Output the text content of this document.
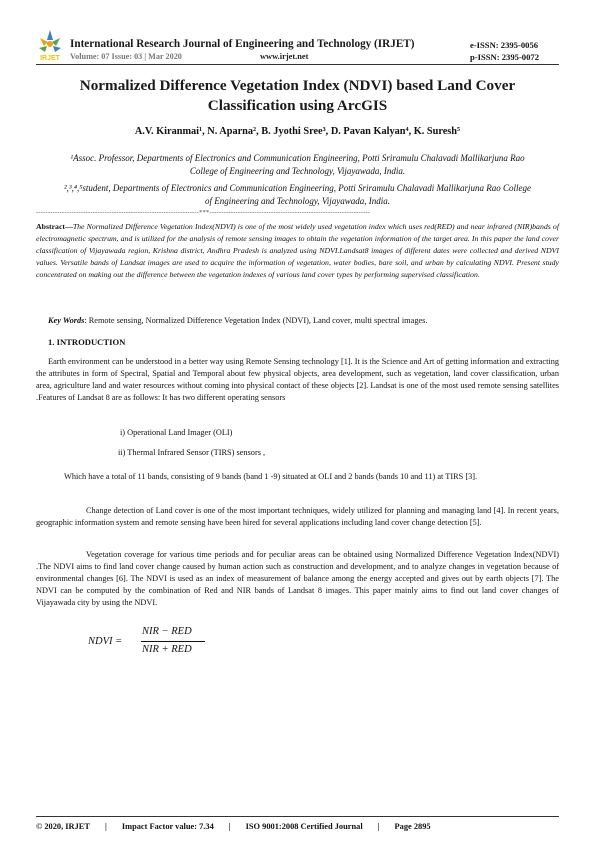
IRJET
International Research Journal of Engineering and Technology (IRJET)
Volume: 07 Issue: 03 | Mar 2020	www.irjet.net
e-ISSN: 2395-0056
p-ISSN: 2395-0072
Normalized Difference Vegetation Index (NDVI) based Land Cover Classification using ArcGIS
A.V. Kiranmai¹, N. Aparna², B. Jyothi Sree³, D. Pavan Kalyan⁴, K. Suresh⁵
¹Assoc. Professor, Departments of Electronics and Communication Engineering, Potti Sriramulu Chalavadi Mallikarjuna Rao College of Engineering and Technology, Vijayawada, India.
²,³,⁴,⁵student, Departments of Electronics and Communication Engineering, Potti Sriramulu Chalavadi Mallikarjuna Rao College of Engineering and Technology, Vijayawada, India.
---------------------------------------------------------------------***--------------------------------------------------------------------
Abstract—The Normalized Difference Vegetation Index(NDVI) is one of the most widely used vegetation index which uses red(RED) and near infrared (NIR)bands of electromagnetic spectrum, and is utilized for the analysis of remote sensing images to obtain the vegetation information of the target area. In this paper the land cover classification of Vijayawada region, Krishna district, Andhra Pradesh is analyzed using NDVI.Landsat8 images of different dates were collected and derived NDVI values. Versatile bands of Landsat images are used to acquire the information of vegetation, water bodies, bare soil, and urban by calculating NDVI. Present study concentrated on making out the difference between the vegetation indexes of various land cover types by performing supervised classification.
Key Words: Remote sensing, Normalized Difference Vegetation Index (NDVI), Land cover, multi spectral images.
1. INTRODUCTION
Earth environment can be understood in a better way using Remote Sensing technology [1]. It is the Science and Art of getting information and extracting the attributes in form of Spectral, Spatial and Temporal about few physical objects, area development, such as vegetation, land cover classification, urban area, agriculture land and water resources without coming into physical contact of these objects [2]. Landsat is one of the most used remote sensing satellites .Features of Landsat 8 are as follows: It has two different operating sensors
i) Operational Land Imager (OLI)
ii) Thermal Infrared Sensor (TIRS) sensors ,
Which have a total of 11 bands, consisting of 9 bands (band 1 -9) situated at OLI and 2 bands (bands 10 and 11) at TIRS [3].
Change detection of Land cover is one of the most important techniques, widely utilized for planning and managing land [4]. In recent years, geographic information system and remote sensing have been hired for several applications including land cover change detection [5].
Vegetation coverage for various time periods and for peculiar areas can be obtained using Normalized Difference Vegetation Index(NDVI) .The NDVI aims to find land cover change caused by human action such as construction and development, and to analyze changes in vegetation because of environmental changes [6]. The NDVI is used as an index of measurement of balance among the energy accepted and gives out by earth objects [7]. The NDVI can be computed by the combination of Red and NIR bands of Landsat 8 images. This paper mainly aims to find out land cover changes of Vijayawada city by using the NDVI.
NDVI =
NIR − RED
NIR + RED
© 2020, IRJET | Impact Factor value: 7.34 | ISO 9001:2008 Certified Journal | Page 2895
